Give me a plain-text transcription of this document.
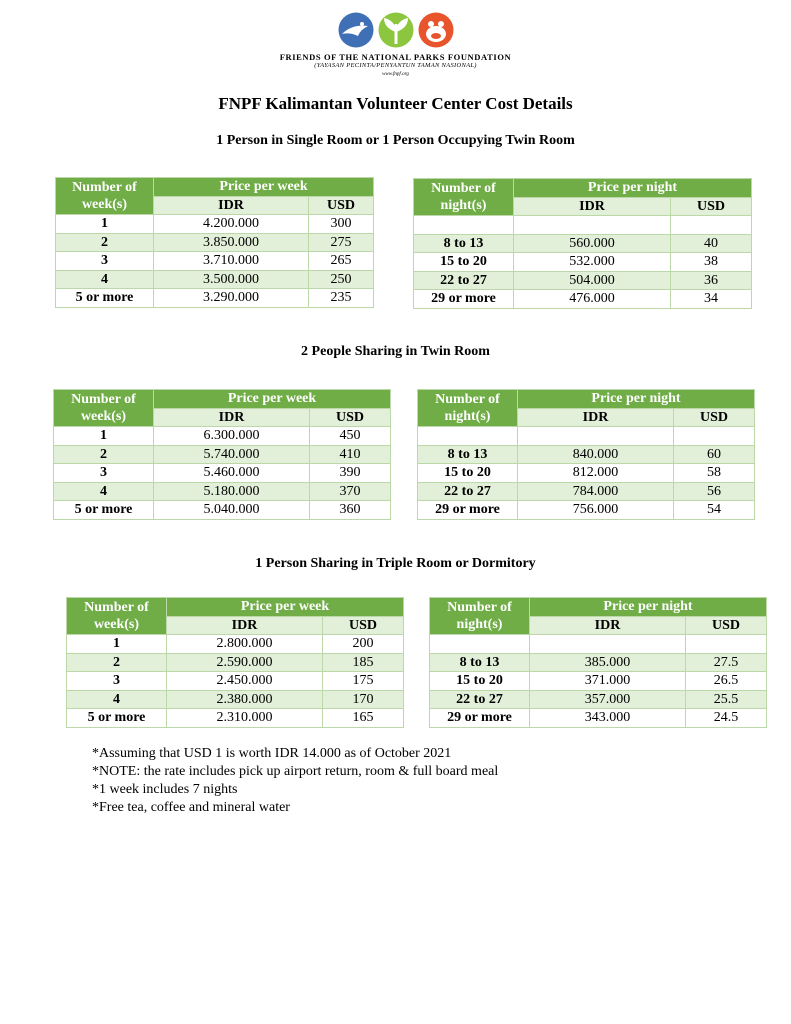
FRIENDS OF THE NATIONAL PARKS FOUNDATION
(YAYASAN PECINTA/PENYANTUN TAMAN NASIONAL)
www.fnpf.org
FNPF Kalimantan Volunteer Center Cost Details
1 Person in Single Room or 1 Person Occupying Twin Room
Number of
week(s)	Price per week	
	IDR	USD
1	4.200.000	300
2	3.850.000	275
3	3.710.000	265
4	3.500.000	250
5 or more	3.290.000	235
Number of
night(s)	Price per night	
	IDR	USD

8 to 13	560.000	40
15 to 20	532.000	38
22 to 27	504.000	36
29 or more	476.000	34
2 People Sharing in Twin Room
Number of
week(s)	Price per week	
	IDR	USD
1	6.300.000	450
2	5.740.000	410
3	5.460.000	390
4	5.180.000	370
5 or more	5.040.000	360
Number of
night(s)	Price per night	
	IDR	USD

8 to 13	840.000	60
15 to 20	812.000	58
22 to 27	784.000	56
29 or more	756.000	54
1 Person Sharing in Triple Room or Dormitory
Number of
week(s)	Price per week	
	IDR	USD
1	2.800.000	200
2	2.590.000	185
3	2.450.000	175
4	2.380.000	170
5 or more	2.310.000	165
Number of
night(s)	Price per night	
	IDR	USD

8 to 13	385.000	27.5
15 to 20	371.000	26.5
22 to 27	357.000	25.5
29 or more	343.000	24.5
*Assuming that USD 1 is worth IDR 14.000 as of October 2021
*NOTE: the rate includes pick up airport return, room & full board meal
*1 week includes 7 nights
*Free tea, coffee and mineral water
